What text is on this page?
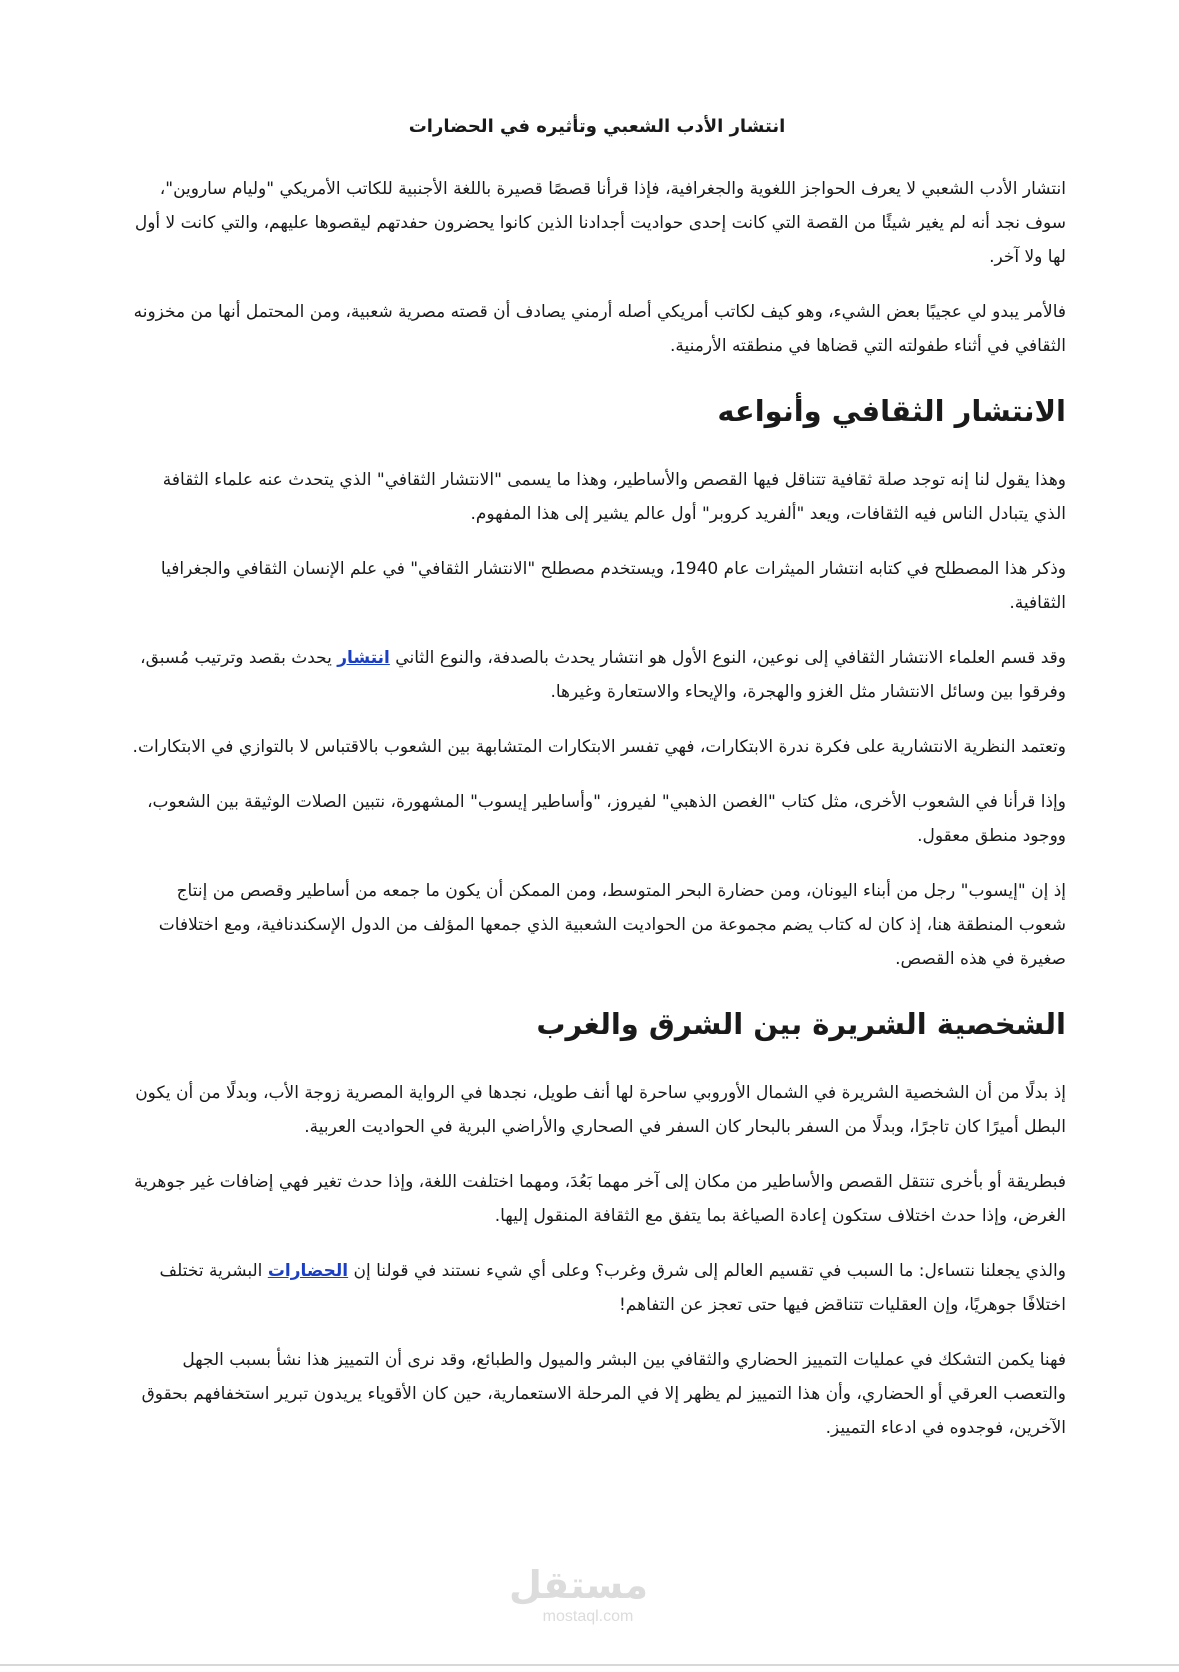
انتشار الأدب الشعبي وتأثيره في الحضارات

انتشار الأدب الشعبي لا يعرف الحواجز اللغوية والجغرافية، فإذا قرأنا قصصًا قصيرة باللغة الأجنبية للكاتب الأمريكي "وليام ساروين"، سوف نجد أنه لم يغير شيئًا من القصة التي كانت إحدى حواديت أجدادنا الذين كانوا يحضرون حفدتهم ليقصوها عليهم، والتي كانت لا أول لها ولا آخر.

فالأمر يبدو لي عجيبًا بعض الشيء، وهو كيف لكاتب أمريكي أصله أرمني يصادف أن قصته مصرية شعبية، ومن المحتمل أنها من مخزونه الثقافي في أثناء طفولته التي قضاها في منطقته الأرمنية.

الانتشار الثقافي وأنواعه

وهذا يقول لنا إنه توجد صلة ثقافية تتناقل فيها القصص والأساطير، وهذا ما يسمى "الانتشار الثقافي" الذي يتحدث عنه علماء الثقافة الذي يتبادل الناس فيه الثقافات، ويعد "ألفريد كروبر" أول عالم يشير إلى هذا المفهوم.

وذكر هذا المصطلح في كتابه انتشار الميثرات عام 1940، ويستخدم مصطلح "الانتشار الثقافي" في علم الإنسان الثقافي والجغرافيا الثقافية.

وقد قسم العلماء الانتشار الثقافي إلى نوعين، النوع الأول هو انتشار يحدث بالصدفة، والنوع الثاني انتشار يحدث بقصد وترتيب مُسبق، وفرقوا بين وسائل الانتشار مثل الغزو والهجرة، والإيحاء والاستعارة وغيرها.

وتعتمد النظرية الانتشارية على فكرة ندرة الابتكارات، فهي تفسر الابتكارات المتشابهة بين الشعوب بالاقتباس لا بالتوازي في الابتكارات.

وإذا قرأنا في الشعوب الأخرى، مثل كتاب "الغصن الذهبي" لفيروز، "وأساطير إيسوب" المشهورة، نتبين الصلات الوثيقة بين الشعوب، ووجود منطق معقول.

إذ إن "إيسوب" رجل من أبناء اليونان، ومن حضارة البحر المتوسط، ومن الممكن أن يكون ما جمعه من أساطير وقصص من إنتاج شعوب المنطقة هنا، إذ كان له كتاب يضم مجموعة من الحواديت الشعبية الذي جمعها المؤلف من الدول الإسكندنافية، ومع اختلافات صغيرة في هذه القصص.

الشخصية الشريرة بين الشرق والغرب

إذ بدلًا من أن الشخصية الشريرة في الشمال الأوروبي ساحرة لها أنف طويل، نجدها في الرواية المصرية زوجة الأب، وبدلًا من أن يكون البطل أميرًا كان تاجرًا، وبدلًا من السفر بالبحار كان السفر في الصحاري والأراضي البرية في الحواديت العربية.

فبطريقة أو بأخرى تنتقل القصص والأساطير من مكان إلى آخر مهما بَعُدَ، ومهما اختلفت اللغة، وإذا حدث تغير فهي إضافات غير جوهرية الغرض، وإذا حدث اختلاف ستكون إعادة الصياغة بما يتفق مع الثقافة المنقول إليها.

والذي يجعلنا نتساءل: ما السبب في تقسيم العالم إلى شرق وغرب؟ وعلى أي شيء نستند في قولنا إن الحضارات البشرية تختلف اختلافًا جوهريًا، وإن العقليات تتناقض فيها حتى تعجز عن التفاهم!

فهنا يكمن التشكك في عمليات التمييز الحضاري والثقافي بين البشر والميول والطبائع، وقد نرى أن التمييز هذا نشأ بسبب الجهل والتعصب العرقي أو الحضاري، وأن هذا التمييز لم يظهر إلا في المرحلة الاستعمارية، حين كان الأقوياء يريدون تبرير استخفافهم بحقوق الآخرين، فوجدوه في ادعاء التمييز.

مستقل
mostaql.com
